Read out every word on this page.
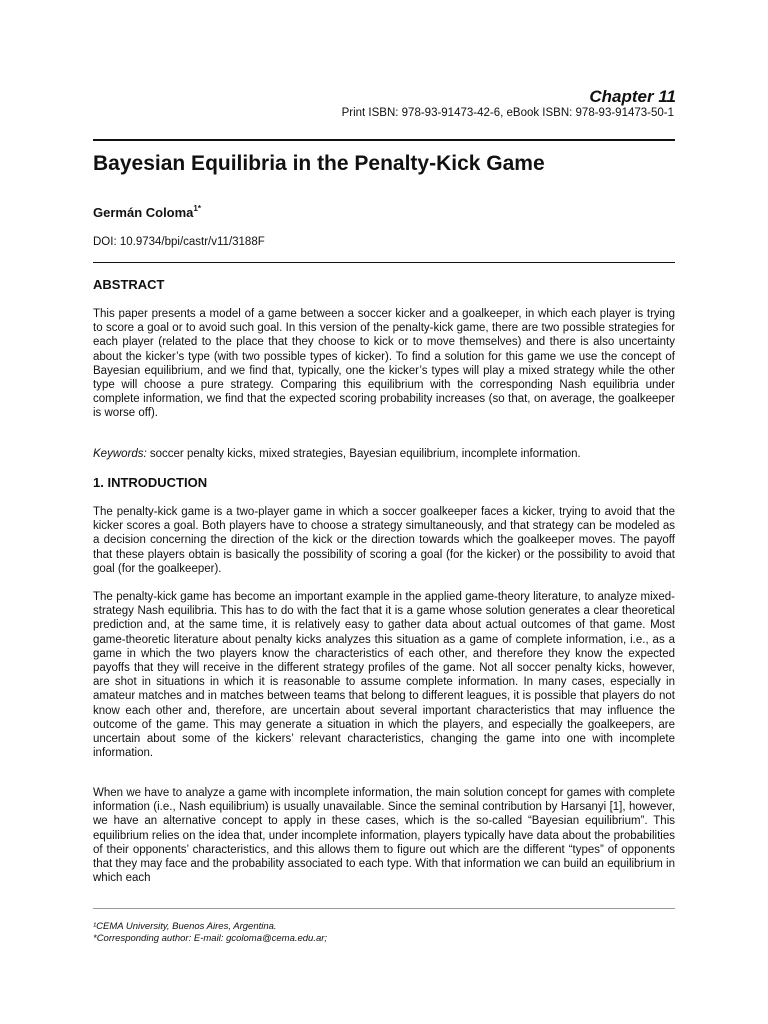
Chapter 11
Print ISBN: 978-93-91473-42-6, eBook ISBN: 978-93-91473-50-1
Bayesian Equilibria in the Penalty-Kick Game
Germán Coloma$^{1*}$
DOI: 10.9734/bpi/castr/v11/3188F
ABSTRACT

This paper presents a model of a game between a soccer kicker and a goalkeeper, in which each player is trying to score a goal or to avoid such goal. In this version of the penalty-kick game, there are two possible strategies for each player (related to the place that they choose to kick or to move themselves) and there is also uncertainty about the kicker’s type (with two possible types of kicker). To find a solution for this game we use the concept of Bayesian equilibrium, and we find that, typically, one the kicker’s types will play a mixed strategy while the other type will choose a pure strategy. Comparing this equilibrium with the corresponding Nash equilibria under complete information, we find that the expected scoring probability increases (so that, on average, the goalkeeper is worse off).

Keywords: soccer penalty kicks, mixed strategies, Bayesian equilibrium, incomplete information.

1. INTRODUCTION

The penalty-kick game is a two-player game in which a soccer goalkeeper faces a kicker, trying to avoid that the kicker scores a goal. Both players have to choose a strategy simultaneously, and that strategy can be modeled as a decision concerning the direction of the kick or the direction towards which the goalkeeper moves. The payoff that these players obtain is basically the possibility of scoring a goal (for the kicker) or the possibility to avoid that goal (for the goalkeeper).

The penalty-kick game has become an important example in the applied game-theory literature, to analyze mixed-strategy Nash equilibria. This has to do with the fact that it is a game whose solution generates a clear theoretical prediction and, at the same time, it is relatively easy to gather data about actual outcomes of that game. Most game-theoretic literature about penalty kicks analyzes this situation as a game of complete information, i.e., as a game in which the two players know the characteristics of each other, and therefore they know the expected payoffs that they will receive in the different strategy profiles of the game. Not all soccer penalty kicks, however, are shot in situations in which it is reasonable to assume complete information. In many cases, especially in amateur matches and in matches between teams that belong to different leagues, it is possible that players do not know each other and, therefore, are uncertain about several important characteristics that may influence the outcome of the game. This may generate a situation in which the players, and especially the goalkeepers, are uncertain about some of the kickers’ relevant characteristics, changing the game into one with incomplete information.

When we have to analyze a game with incomplete information, the main solution concept for games with complete information (i.e., Nash equilibrium) is usually unavailable. Since the seminal contribution by Harsanyi [1], however, we have an alternative concept to apply in these cases, which is the so-called “Bayesian equilibrium”. This equilibrium relies on the idea that, under incomplete information, players typically have data about the probabilities of their opponents’ characteristics, and this allows them to figure out which are the different “types” of opponents that they may face and the probability associated to each type. With that information we can build an equilibrium in which each

¹CEMA University, Buenos Aires, Argentina.
*Corresponding author: E-mail: gcoloma@cema.edu.ar;
